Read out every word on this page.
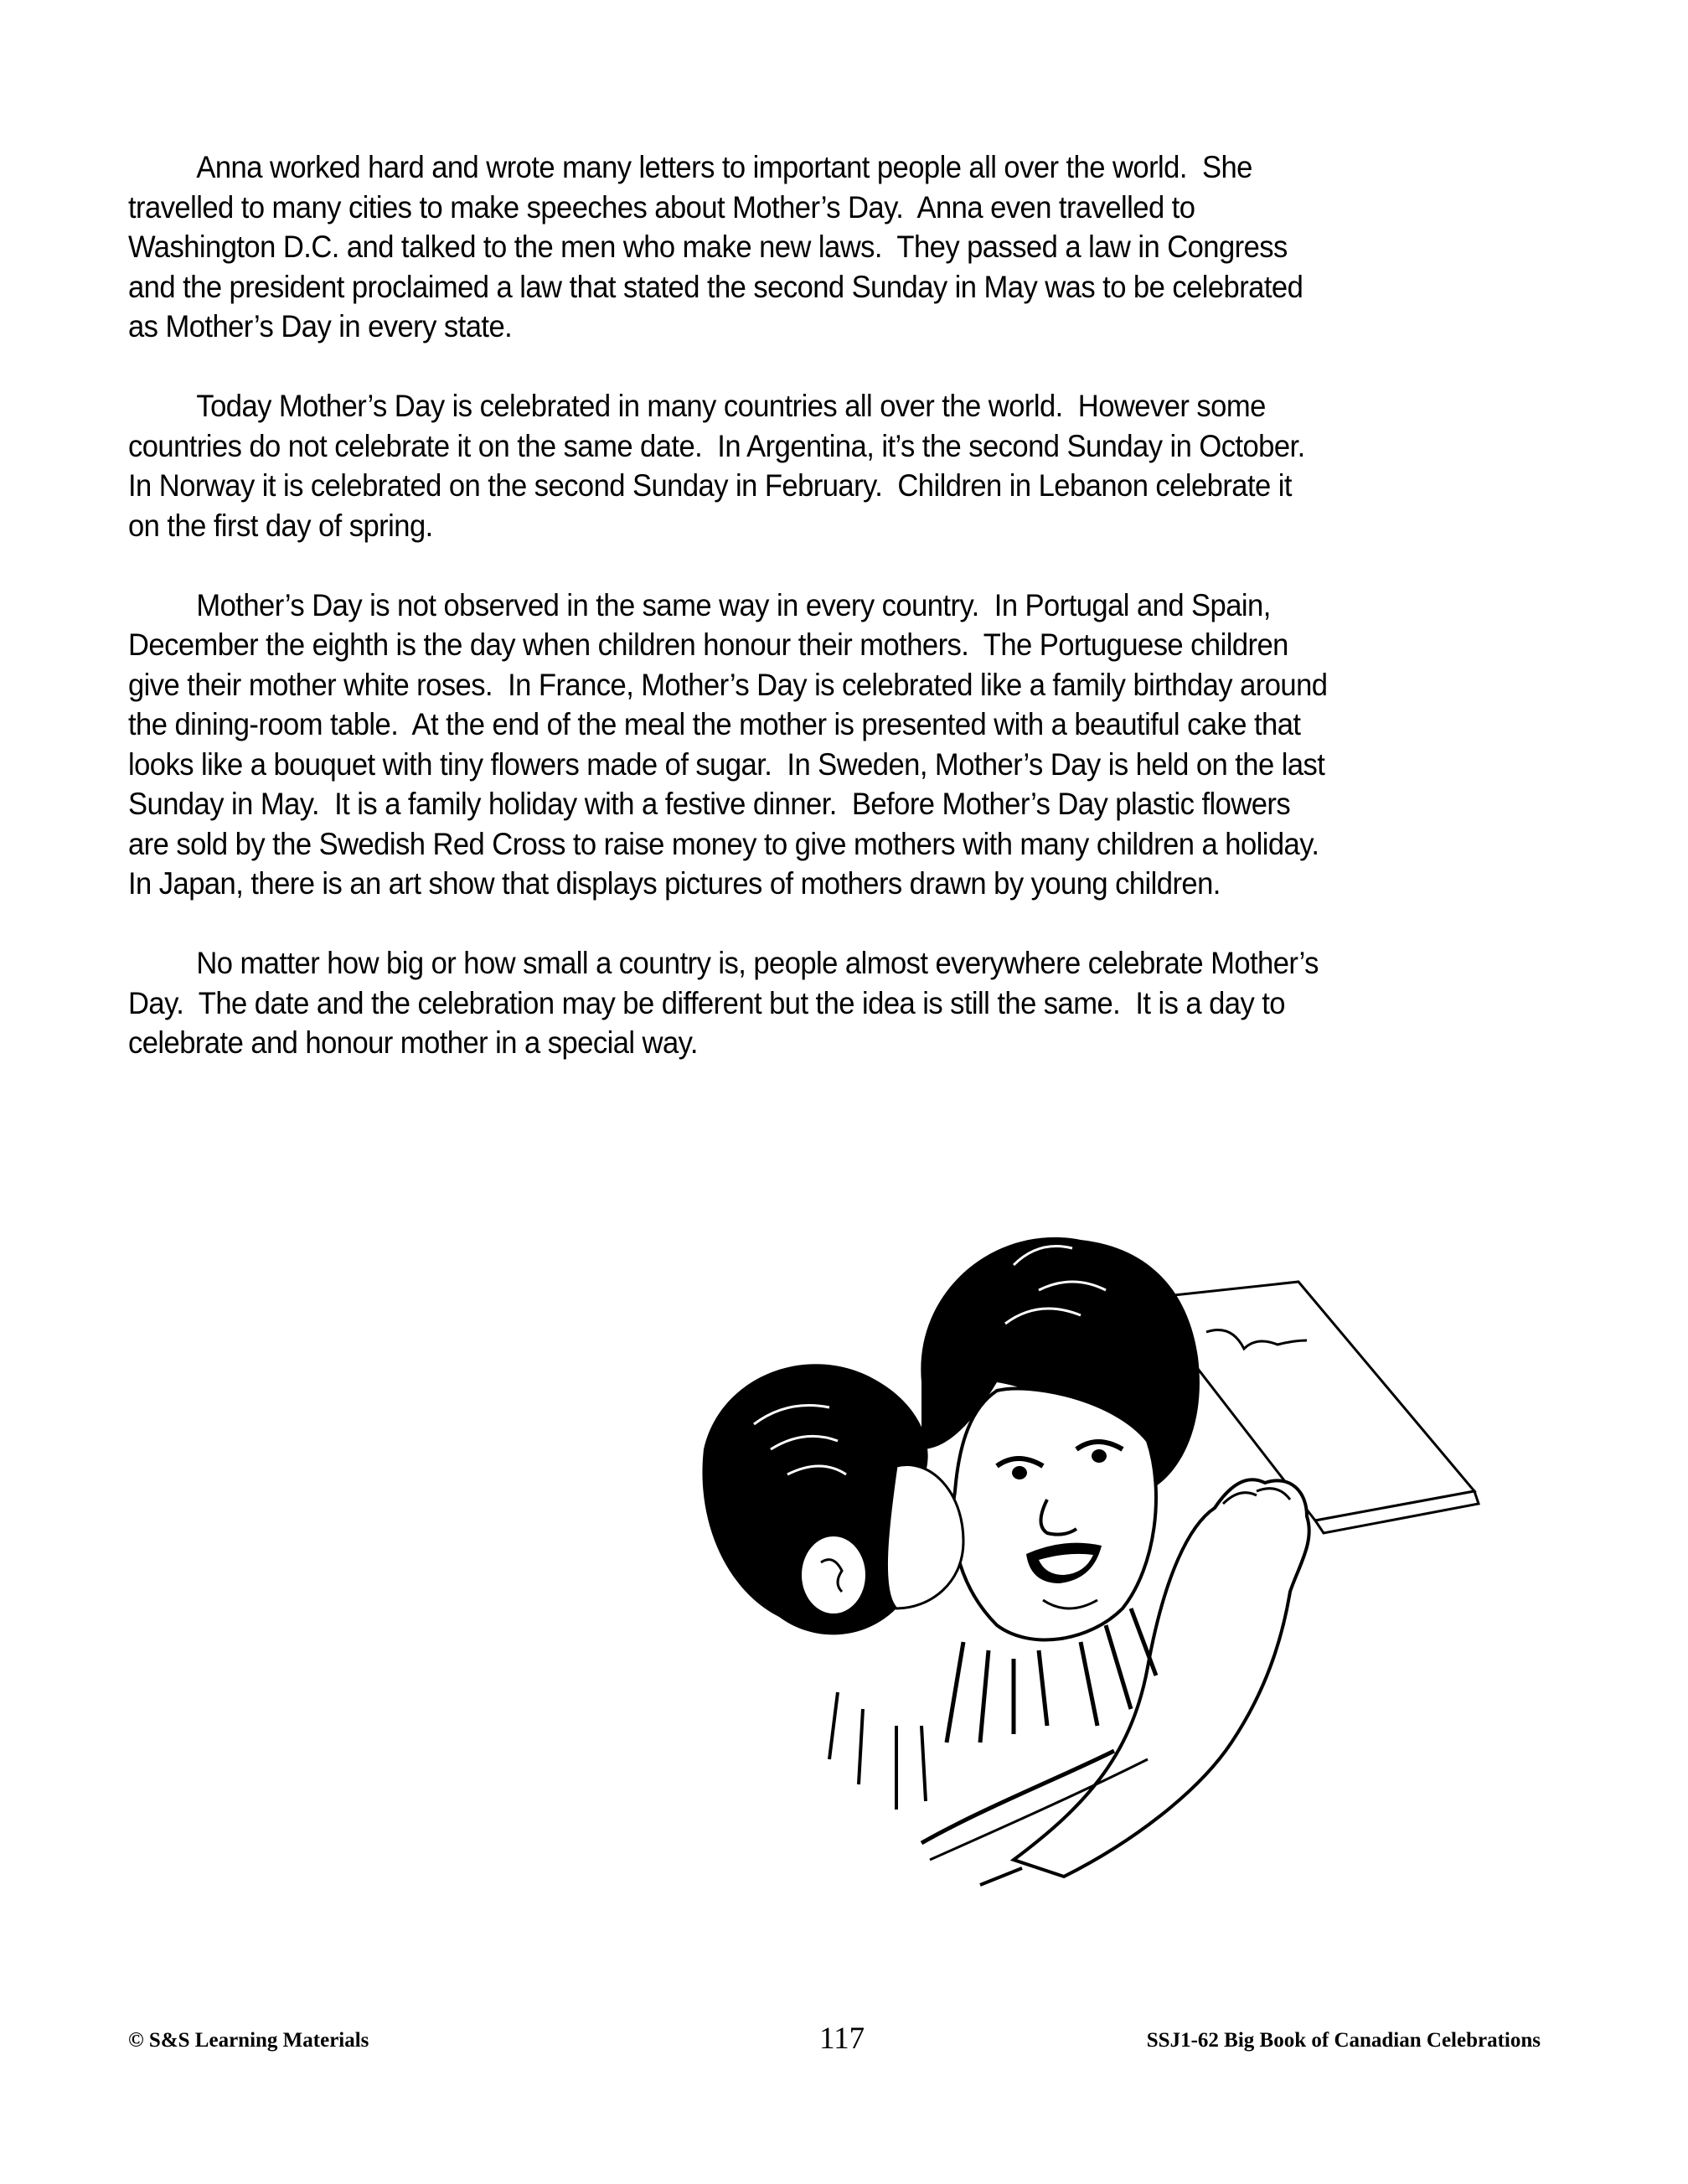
Anna worked hard and wrote many letters to important people all over the world.  She
travelled to many cities to make speeches about Mother’s Day.  Anna even travelled to
Washington D.C. and talked to the men who make new laws.  They passed a law in Congress
and the president proclaimed a law that stated the second Sunday in May was to be celebrated
as Mother’s Day in every state.
Today Mother’s Day is celebrated in many countries all over the world.  However some
countries do not celebrate it on the same date.  In Argentina, it’s the second Sunday in October.
In Norway it is celebrated on the second Sunday in February.  Children in Lebanon celebrate it
on the first day of spring.
Mother’s Day is not observed in the same way in every country.  In Portugal and Spain,
December the eighth is the day when children honour their mothers.  The Portuguese children
give their mother white roses.  In France, Mother’s Day is celebrated like a family birthday around
the dining-room table.  At the end of the meal the mother is presented with a beautiful cake that
looks like a bouquet with tiny flowers made of sugar.  In Sweden, Mother’s Day is held on the last
Sunday in May.  It is a family holiday with a festive dinner.  Before Mother’s Day plastic flowers
are sold by the Swedish Red Cross to raise money to give mothers with many children a holiday.
In Japan, there is an art show that displays pictures of mothers drawn by young children.
No matter how big or how small a country is, people almost everywhere celebrate Mother’s
Day.  The date and the celebration may be different but the idea is still the same.  It is a day to
celebrate and honour mother in a special way.
© S&S Learning Materials	117	SSJ1-62 Big Book of Canadian Celebrations
